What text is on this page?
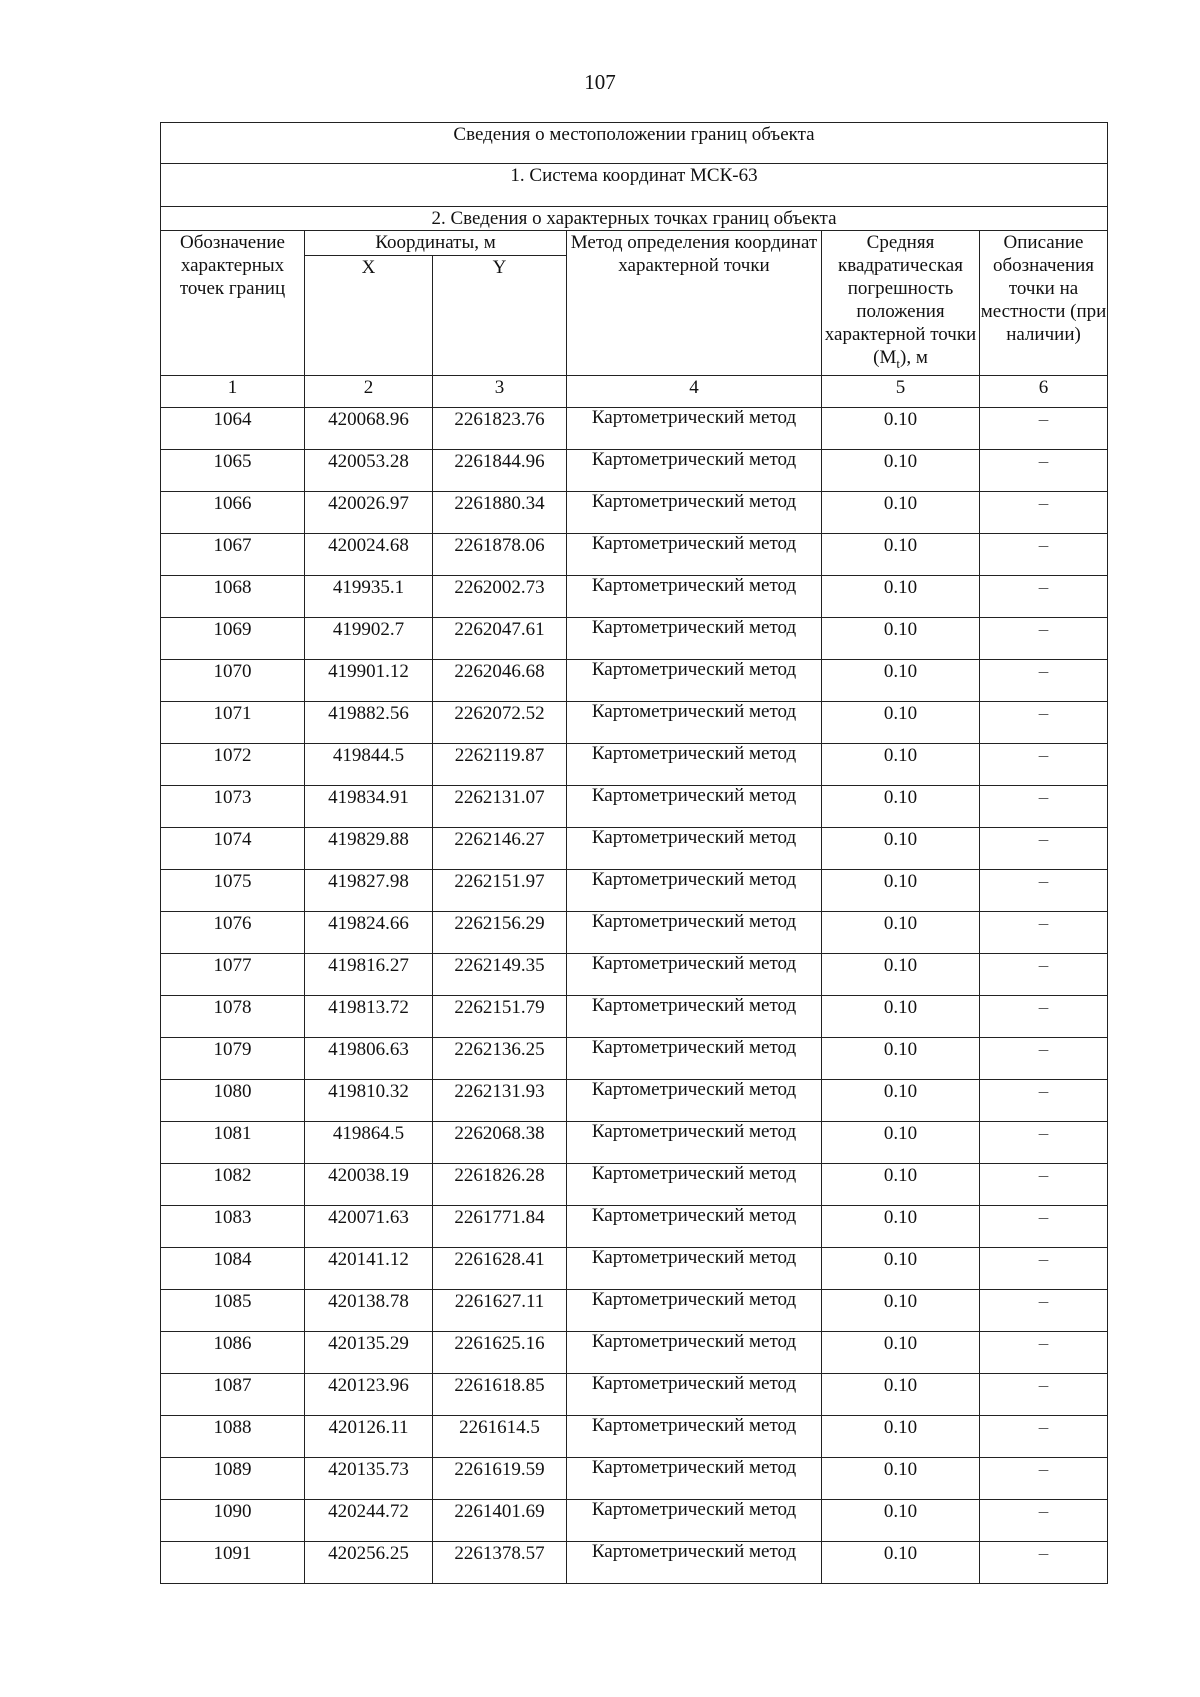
107
Сведения о местоположении границ объекта					
1. Система координат МСК-63					
2. Сведения о характерных точках границ объекта					
Обозначение характерных точек границ	Координаты, м		Метод определения координат характерной точки	Средняя квадратическая погрешность положения характерной точки $(M_t)$, м	Описание обозначения точки на местности (при наличии)
	X	Y			
1	2	3	4	5	6
1064	420068.96	2261823.76	Картометрический метод	0.10	–
1065	420053.28	2261844.96	Картометрический метод	0.10	–
1066	420026.97	2261880.34	Картометрический метод	0.10	–
1067	420024.68	2261878.06	Картометрический метод	0.10	–
1068	419935.1	2262002.73	Картометрический метод	0.10	–
1069	419902.7	2262047.61	Картометрический метод	0.10	–
1070	419901.12	2262046.68	Картометрический метод	0.10	–
1071	419882.56	2262072.52	Картометрический метод	0.10	–
1072	419844.5	2262119.87	Картометрический метод	0.10	–
1073	419834.91	2262131.07	Картометрический метод	0.10	–
1074	419829.88	2262146.27	Картометрический метод	0.10	–
1075	419827.98	2262151.97	Картометрический метод	0.10	–
1076	419824.66	2262156.29	Картометрический метод	0.10	–
1077	419816.27	2262149.35	Картометрический метод	0.10	–
1078	419813.72	2262151.79	Картометрический метод	0.10	–
1079	419806.63	2262136.25	Картометрический метод	0.10	–
1080	419810.32	2262131.93	Картометрический метод	0.10	–
1081	419864.5	2262068.38	Картометрический метод	0.10	–
1082	420038.19	2261826.28	Картометрический метод	0.10	–
1083	420071.63	2261771.84	Картометрический метод	0.10	–
1084	420141.12	2261628.41	Картометрический метод	0.10	–
1085	420138.78	2261627.11	Картометрический метод	0.10	–
1086	420135.29	2261625.16	Картометрический метод	0.10	–
1087	420123.96	2261618.85	Картометрический метод	0.10	–
1088	420126.11	2261614.5	Картометрический метод	0.10	–
1089	420135.73	2261619.59	Картометрический метод	0.10	–
1090	420244.72	2261401.69	Картометрический метод	0.10	–
1091	420256.25	2261378.57	Картометрический метод	0.10	–
